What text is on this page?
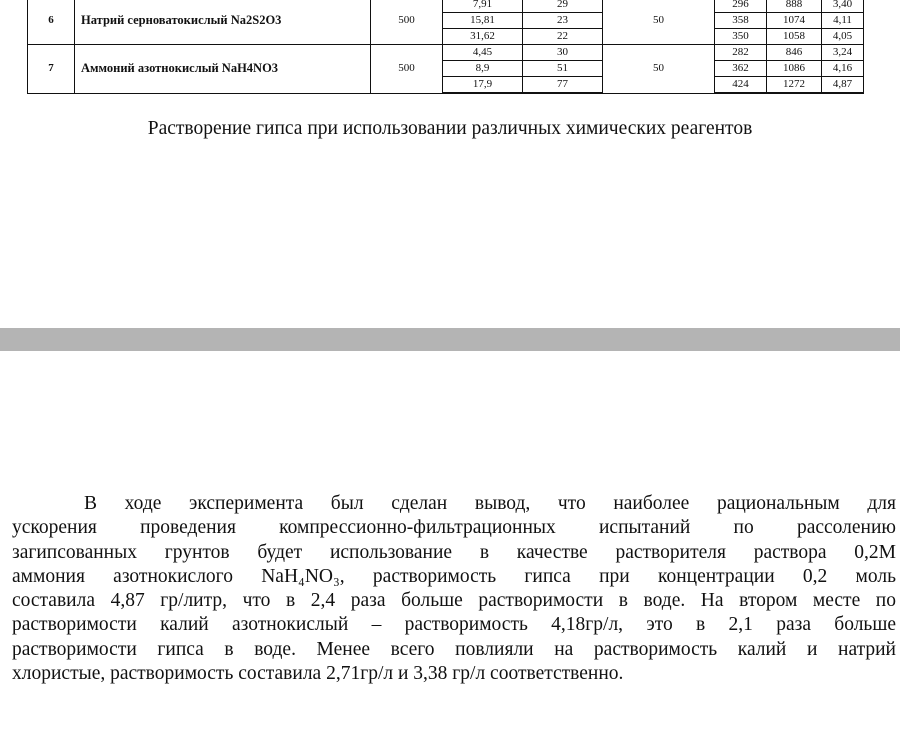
6	Натрий серноватокислый Na2S2O3	500	7,91	29	50	296	888	3,40
			15,81	23		358	1074	4,11
			31,62	22		350	1058	4,05
7	Аммоний азотнокислый NaH4NO3	500	4,45	30	50	282	846	3,24
			8,9	51		362	1086	4,16
			17,9	77		424	1272	4,87
Растворение гипса при использовании различных химических реагентов
В ходе эксперимента был сделан вывод, что наиболее рациональным для
ускорения проведения компрессионно-фильтрационных испытаний по рассолению
загипсованных грунтов будет использование в качестве растворителя раствора 0,2М
аммония азотнокислого NaH₄NO₃, растворимость гипса при концентрации 0,2 моль
составила 4,87 гр/литр, что в 2,4 раза больше растворимости в воде. На втором месте по
растворимости калий азотнокислый – растворимость 4,18гр/л, это в 2,1 раза больше
растворимости гипса в воде. Менее всего повлияли на растворимость калий и натрий
хлористые, растворимость составила 2,71гр/л и 3,38 гр/л соответственно.
